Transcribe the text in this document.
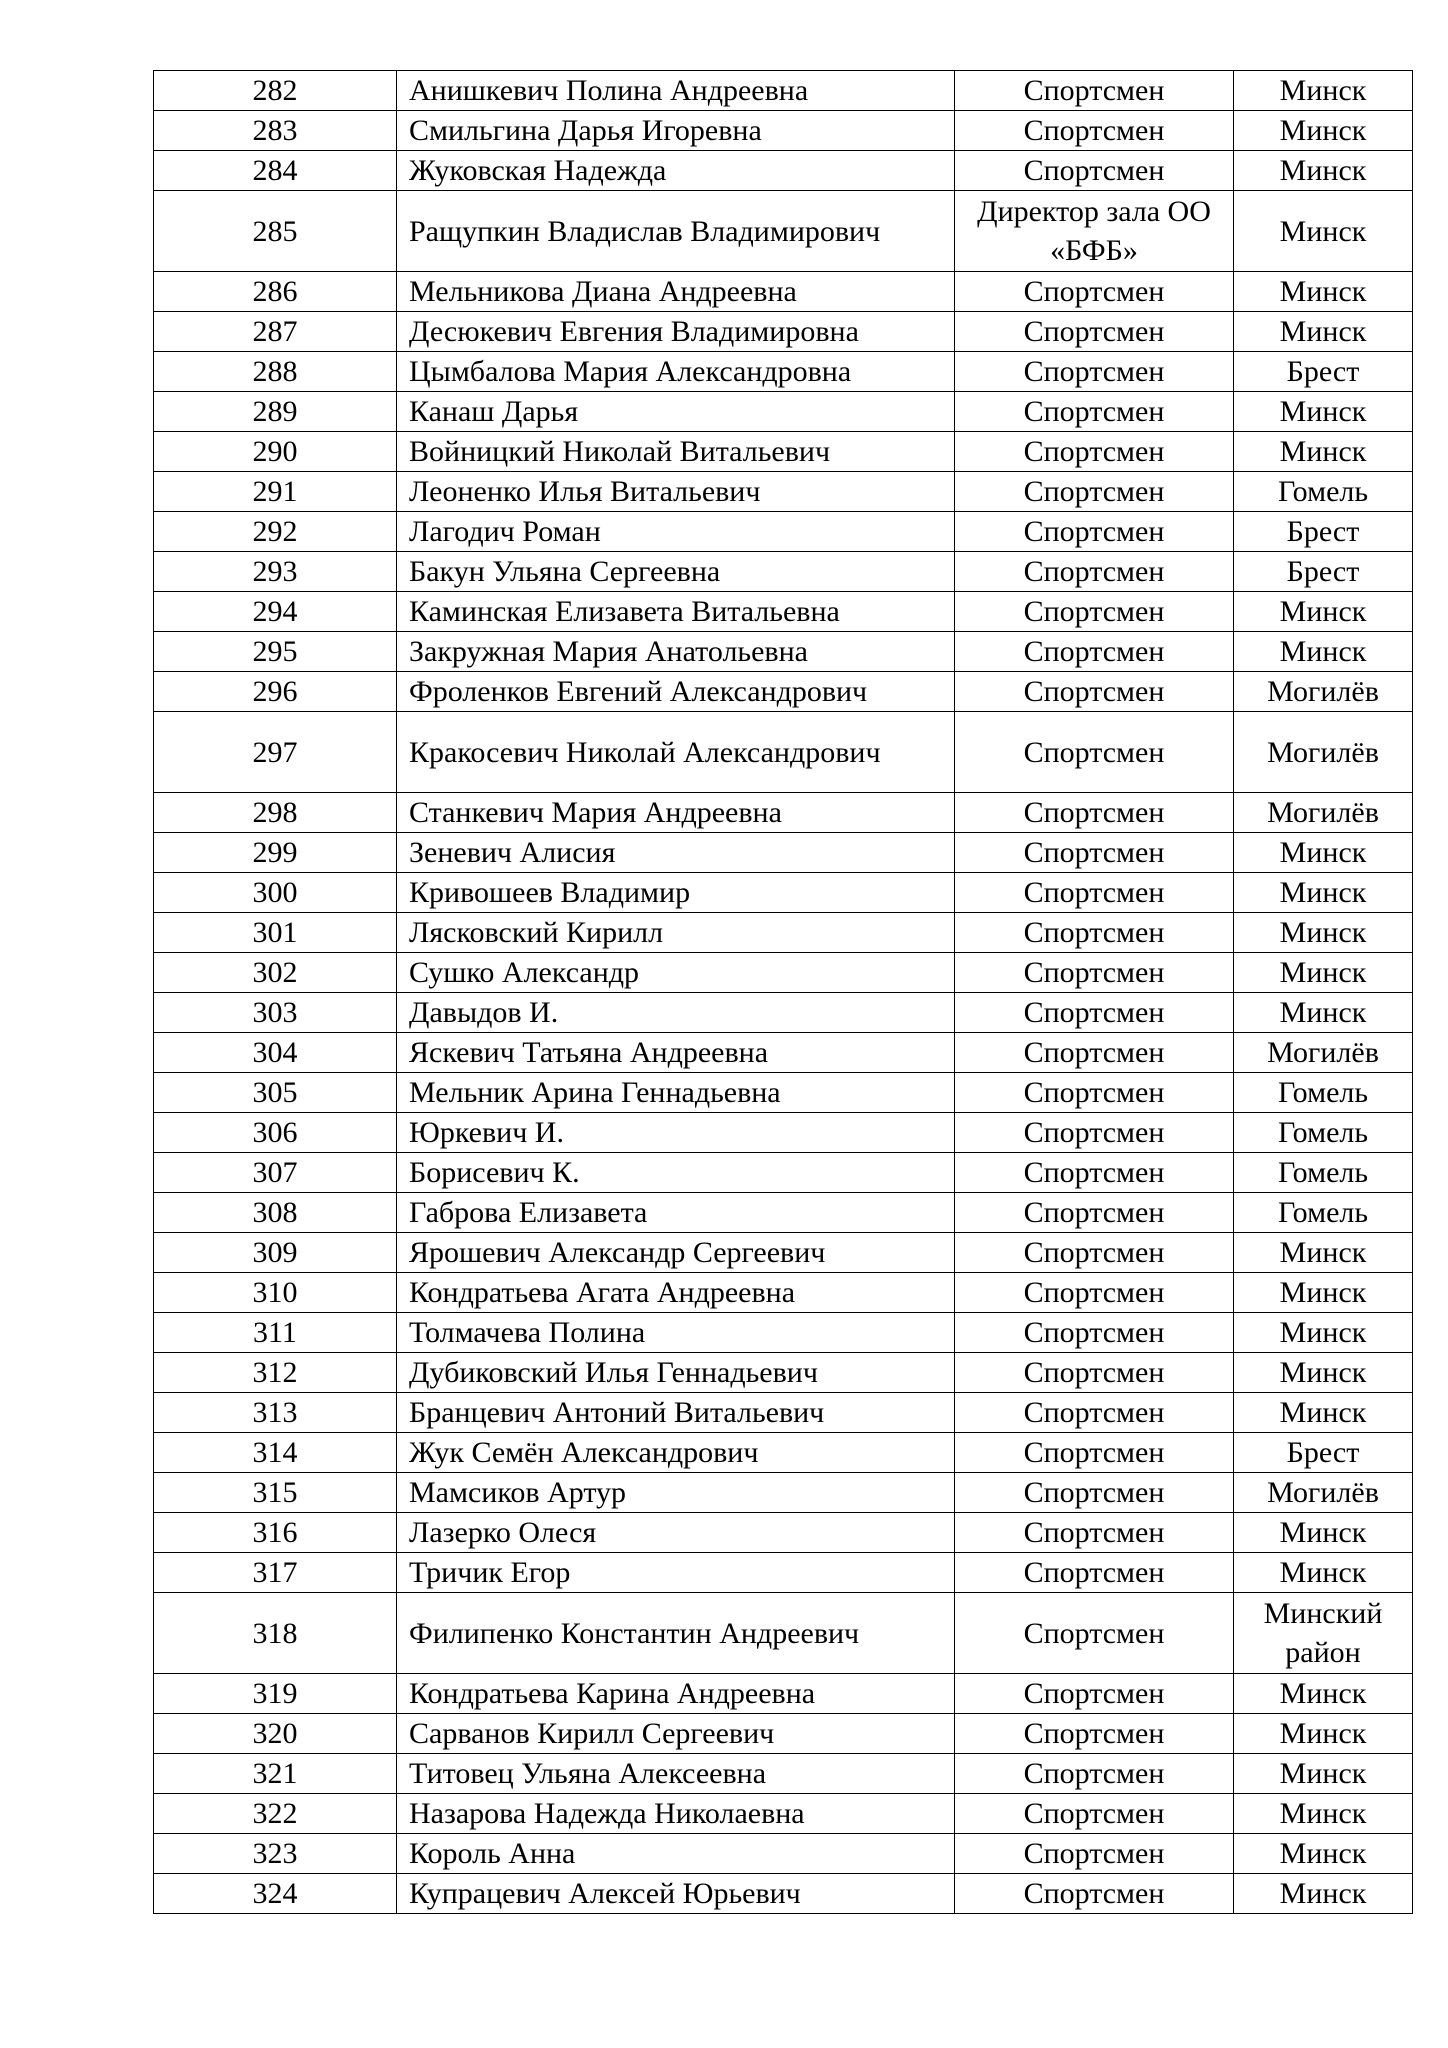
282	Анишкевич Полина Андреевна	Спортсмен	Минск
283	Смильгина Дарья Игоревна	Спортсмен	Минск
284	Жуковская Надежда	Спортсмен	Минск
285	Ращупкин Владислав Владимирович	Директор зала ОО «БФБ»	Минск
286	Мельникова Диана Андреевна	Спортсмен	Минск
287	Десюкевич Евгения Владимировна	Спортсмен	Минск
288	Цымбалова Мария Александровна	Спортсмен	Брест
289	Канаш Дарья	Спортсмен	Минск
290	Войницкий Николай Витальевич	Спортсмен	Минск
291	Леоненко Илья Витальевич	Спортсмен	Гомель
292	Лагодич Роман	Спортсмен	Брест
293	Бакун Ульяна Сергеевна	Спортсмен	Брест
294	Каминская Елизавета Витальевна	Спортсмен	Минск
295	Закружная Мария Анатольевна	Спортсмен	Минск
296	Фроленков Евгений Александрович	Спортсмен	Могилёв
297	Кракосевич Николай Александрович	Спортсмен	Могилёв
298	Станкевич Мария Андреевна	Спортсмен	Могилёв
299	Зеневич Алисия	Спортсмен	Минск
300	Кривошеев Владимир	Спортсмен	Минск
301	Лясковский Кирилл	Спортсмен	Минск
302	Сушко Александр	Спортсмен	Минск
303	Давыдов И.	Спортсмен	Минск
304	Яскевич Татьяна Андреевна	Спортсмен	Могилёв
305	Мельник Арина Геннадьевна	Спортсмен	Гомель
306	Юркевич И.	Спортсмен	Гомель
307	Борисевич К.	Спортсмен	Гомель
308	Габрова Елизавета	Спортсмен	Гомель
309	Ярошевич Александр Сергеевич	Спортсмен	Минск
310	Кондратьева Агата Андреевна	Спортсмен	Минск
311	Толмачева Полина	Спортсмен	Минск
312	Дубиковский Илья Геннадьевич	Спортсмен	Минск
313	Бранцевич Антоний Витальевич	Спортсмен	Минск
314	Жук Семён Александрович	Спортсмен	Брест
315	Мамсиков Артур	Спортсмен	Могилёв
316	Лазерко Олеся	Спортсмен	Минск
317	Тричик Егор	Спортсмен	Минск
318	Филипенко Константин Андреевич	Спортсмен	Минский район
319	Кондратьева Карина Андреевна	Спортсмен	Минск
320	Сарванов Кирилл Сергеевич	Спортсмен	Минск
321	Титовец Ульяна Алексеевна	Спортсмен	Минск
322	Назарова Надежда Николаевна	Спортсмен	Минск
323	Король Анна	Спортсмен	Минск
324	Купрацевич Алексей Юрьевич	Спортсмен	Минск
